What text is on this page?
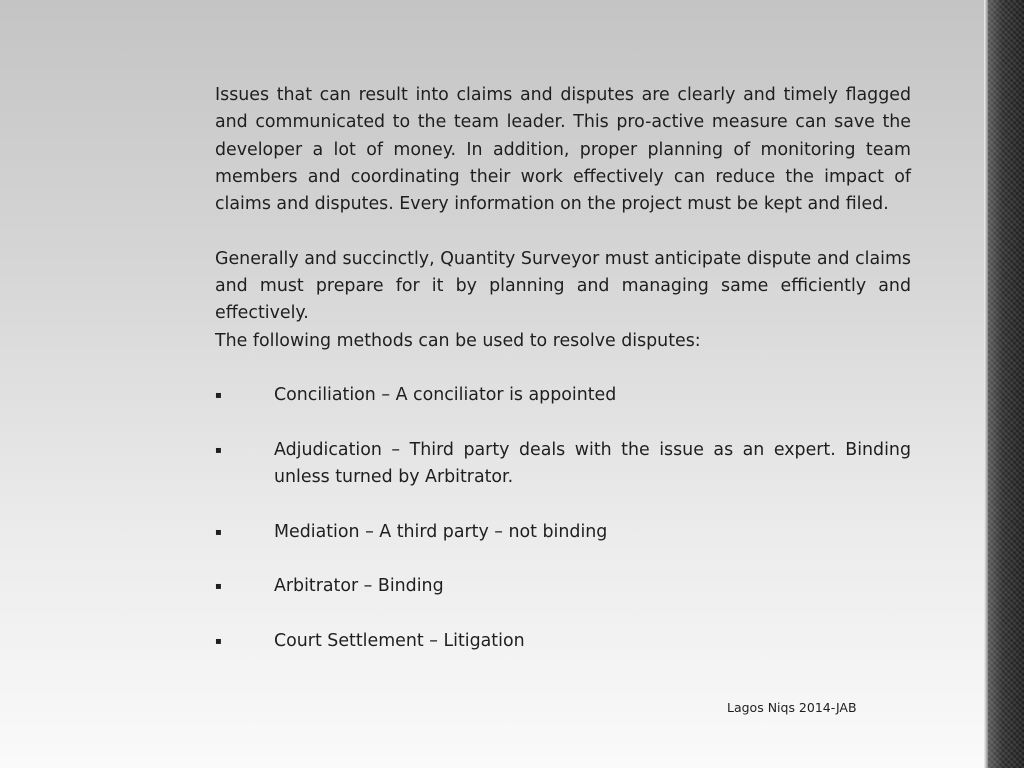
Issues that can result into claims and disputes are clearly and timely flagged and communicated to the team leader. This pro-active measure can save the developer a lot of money. In addition, proper planning of monitoring team members and coordinating their work effectively can reduce the impact of claims and disputes. Every information on the project must be kept and filed.

Generally and succinctly, Quantity Surveyor must anticipate dispute and claims and must prepare for it by planning and managing same efficiently and effectively.

The following methods can be used to resolve disputes:

▪	Conciliation – A conciliator is appointed
▪	Adjudication – Third party deals with the issue as an expert. Binding unless turned by Arbitrator.
▪	Mediation – A third party – not binding
▪	Arbitrator – Binding
▪	Court Settlement – Litigation
Lagos Niqs 2014-JAB
